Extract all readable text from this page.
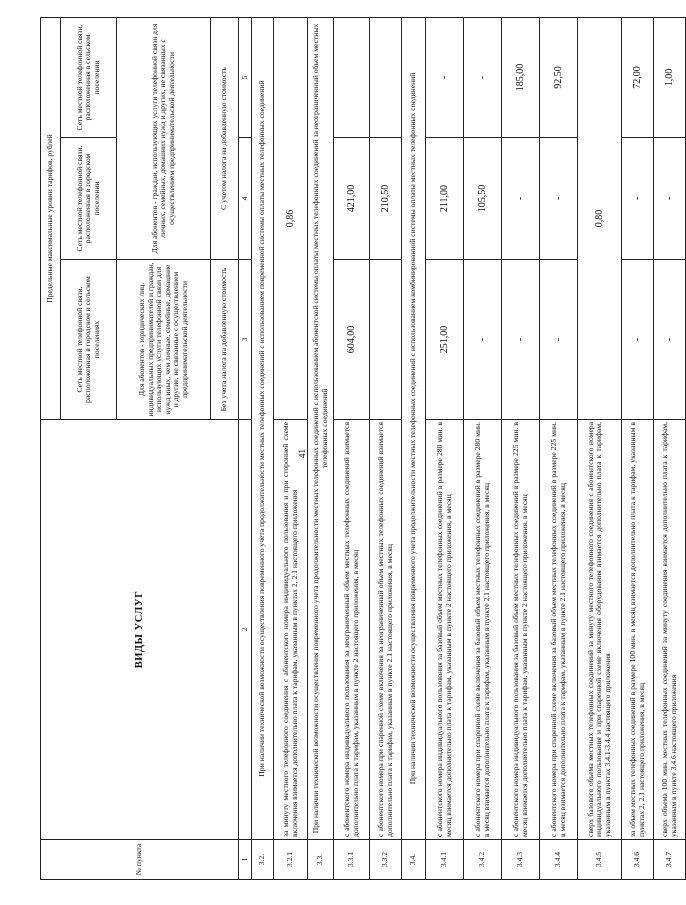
41
№ пункта	ВИДЫ УСЛУГ	Предельные максимальные уровни тарифов, рублей		
		Сеть местной телефонной связи, расположенная в городском и сельском поселениях	Сеть местной телефонной связи, расположенная в городском поселении	Сеть местной телефонной связи, расположенная в сельском поселении
		Для абонентов - юридических лиц, индивидуальных предпринимателей и граждан, использующих услуги телефонной связи для нужд иных, чем личные, семейные, домашние и другие, не связанные с осуществлением предпринимательской деятельности	Для абонентов - граждан, использующих услуги телефонной связи для личных, семейных, домашних нужд и других, не связанных с осуществлением предпринимательской деятельности	
		Без учета налога на добавленную стоимость	С учетом налога на добавленную стоимость	
1	2	3	4	5
3.2.	При наличии технической возможности осуществления повременного учета продолжительности местных телефонных соединений с использованием повременной системы оплаты местных телефонных соединений			
3.2.1	за минуту местного телефонного соединения с абонентского номера индивидуального пользования и при сторонней схеме включения взимается дополнительно плата к тарифам, указанным в пунктах 2, 2.1 настоящего приложения	0,86		
3.3.	При наличии технической возможности осуществления повременного учета продолжительности местных телефонных соединений с использованием абонентской системы оплаты местных телефонных соединений за неограниченный объем местных телефонных соединений			
3.3.1	с абонентского номера индивидуального пользования за неограниченный объем местных телефонных соединений взимается дополнительно плата к тарифам, указанным в пункте 2 настоящего приложения, в месяц	604,00	421,00	
3.3.2	с абонентского номера при спаренной схеме включения за неограниченный объем местных телефонных соединений взимается дополнительно плата к тарифам, указанным в пункте 2.1 настоящего приложения, в месяц		210,50	
3.4.	При наличии технической возможности осуществления повременного учета продолжительности местных телефонных соединений с использованием комбинированной системы оплаты местных телефонных соединений			
3.4.1	с абонентского номера индивидуального пользования за базовый объем местных телефонных соединений в размере 280 мин. в месяц взимается дополнительно плата к тарифам, указанным в пункте 2 настоящего приложения, в месяц	251,00	211,00	-
3.4.2	с абонентского номера при спаренной схеме включения за базовый объем местных телефонных соединений в размере 280 мин. в месяц взимается дополнительно плата к тарифам, указанным в пункте 2.1 настоящего приложения, в месяц	-	105,50	-
3.4.3	с абонентского номера индивидуального пользования за базовый объем местных телефонных соединений в размере 225 мин. в месяц взимается дополнительно плата к тарифам, указанным в пункте 2 настоящего приложения, в месяц	-	-	185,00
3.4.4	с абонентского номера при спаренной схеме включения за базовый объем местных телефонных соединений в размере 225 мин. в месяц взимается дополнительно плата к тарифам, указанным в пункте 2.1 настоящего приложения, в месяц	-	-	92,50
3.4.5	сверх базового объема местных телефонных соединений за минуту местного телефонного соединения с абонентского номера индивидуального пользования и при спаренной схеме включения оборудования взимается дополнительно плата к тарифам, указанным в пунктах 3.4.1-3.4.4 настоящего приложения	0,80		
3.4.6	за объем местных телефонных соединений в размере 100 мин. в месяц взимается дополнительно плата к тарифам, указанным в пунктах 2, 2.1 настоящего приложения, в месяц	-	-	72,00
3.4.7	сверх объема 100 мин. местных телефонных соединений за минуту соединения взимается дополнительно плата к тарифам, указанным в пункте 3.4.6 настоящего приложения	-	-	1,00
